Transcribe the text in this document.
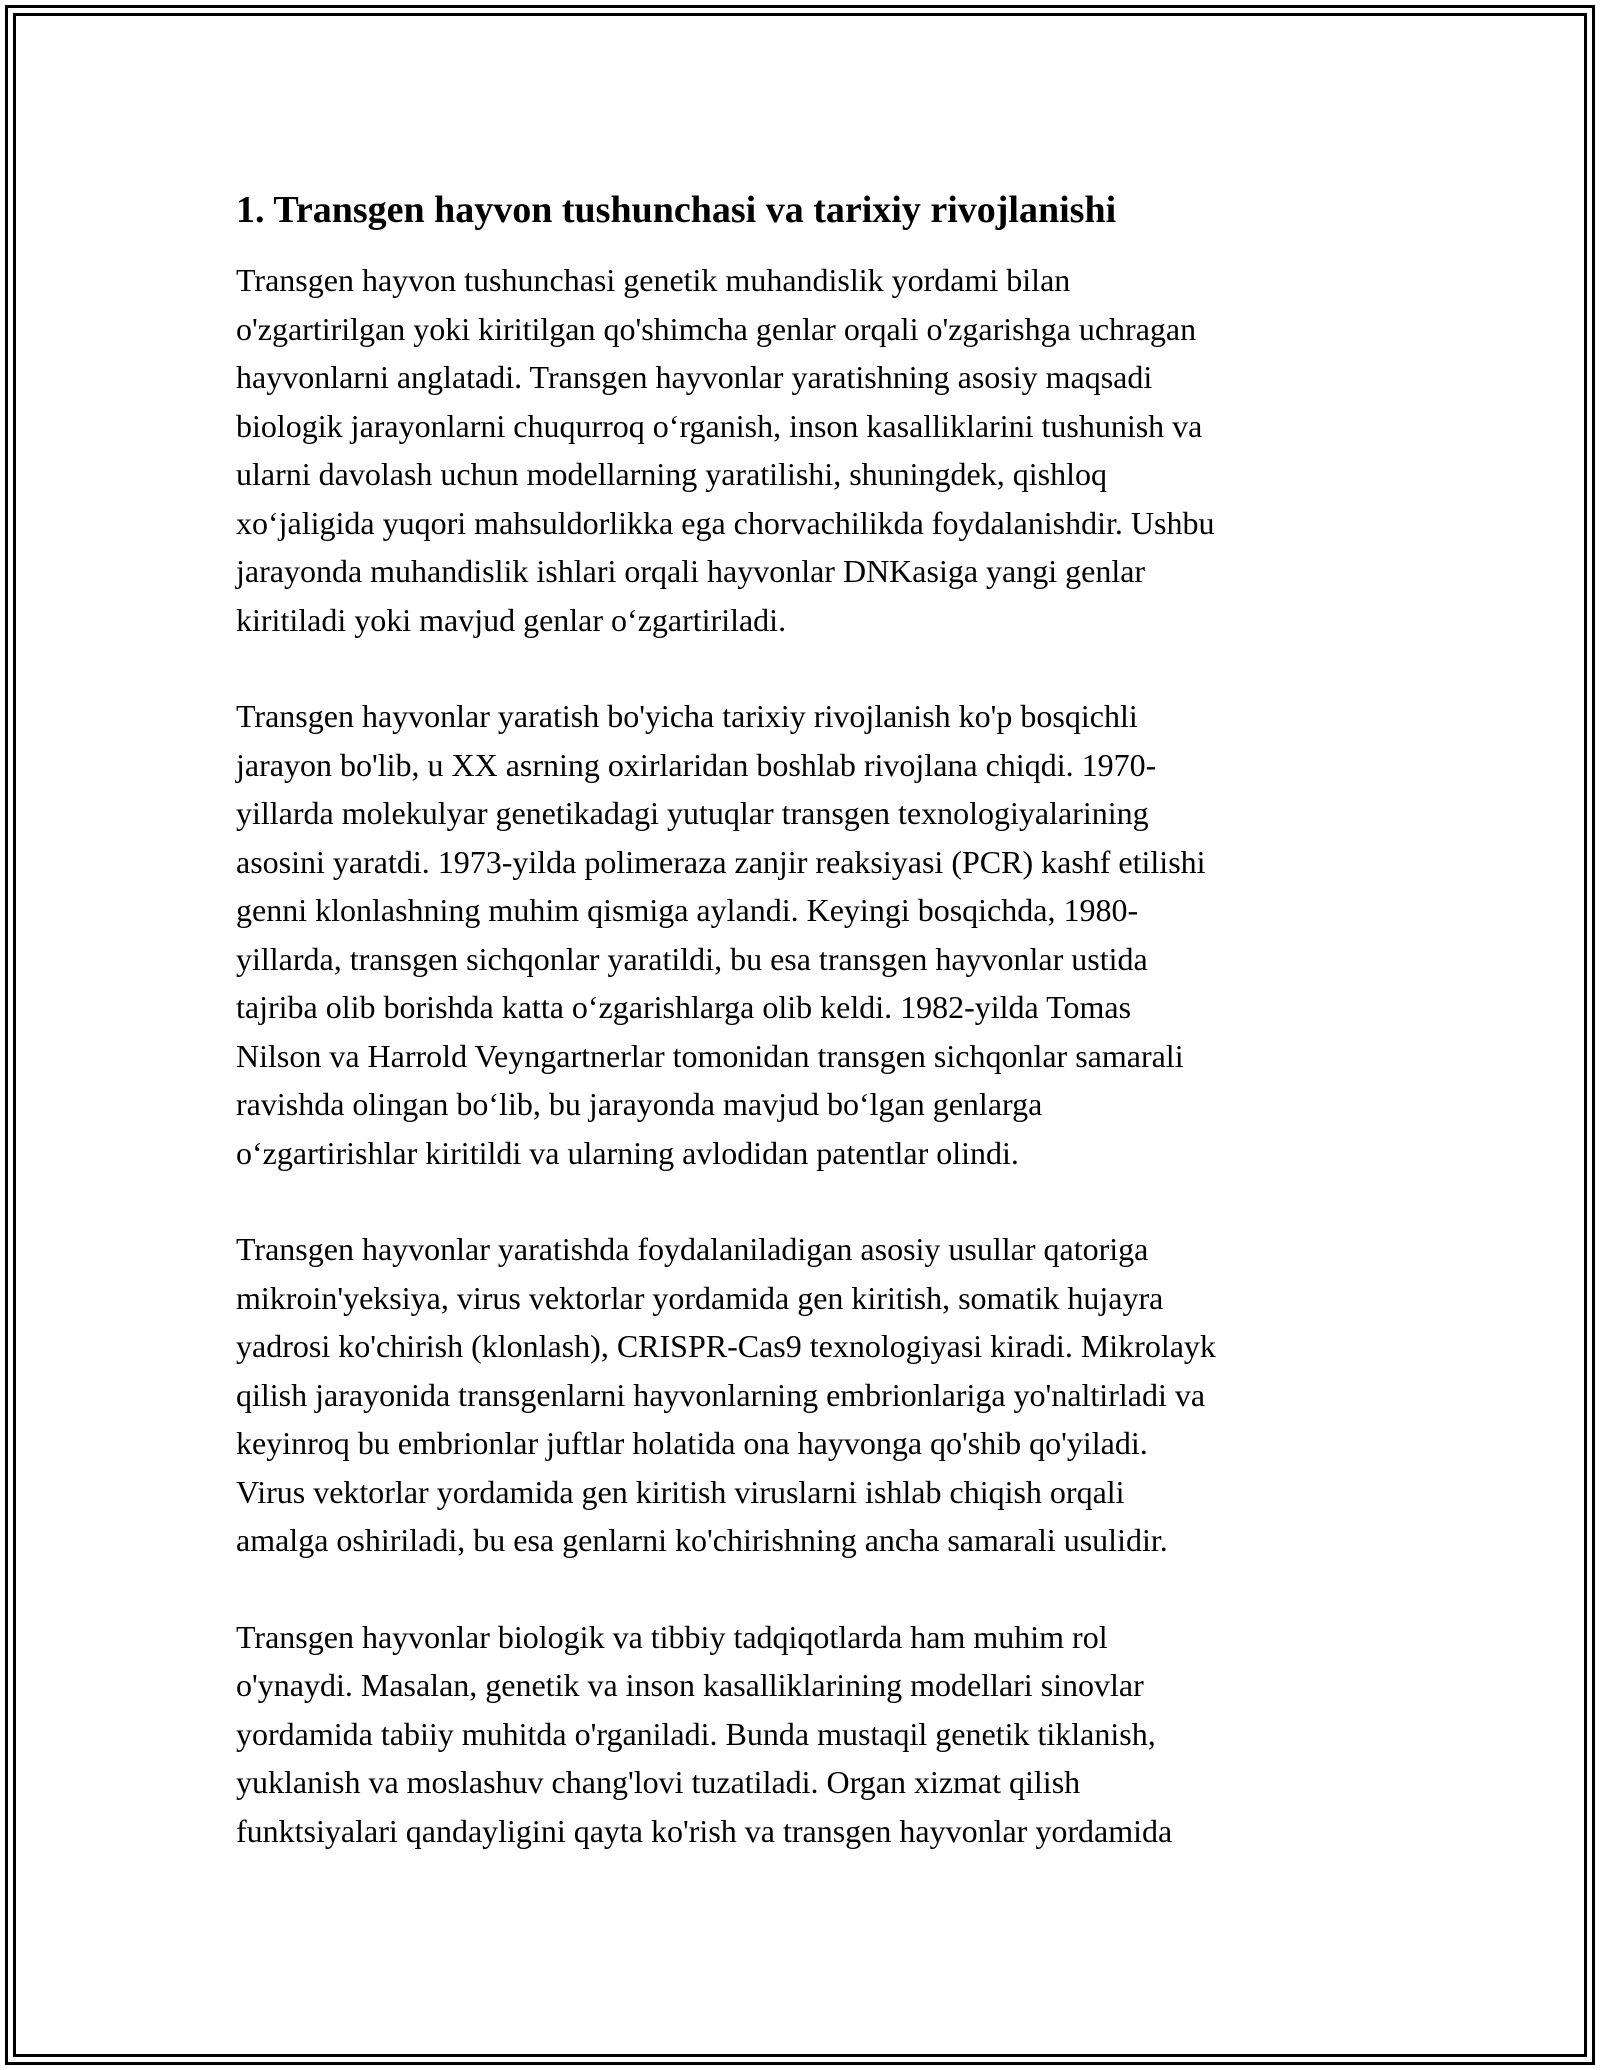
1. Transgen hayvon tushunchasi va tarixiy rivojlanishi
Transgen hayvon tushunchasi genetik muhandislik yordami bilan
o'zgartirilgan yoki kiritilgan qo'shimcha genlar orqali o'zgarishga uchragan
hayvonlarni anglatadi. Transgen hayvonlar yaratishning asosiy maqsadi
biologik jarayonlarni chuqurroq o‘rganish, inson kasalliklarini tushunish va
ularni davolash uchun modellarning yaratilishi, shuningdek, qishloq
xo‘jaligida yuqori mahsuldorlikka ega chorvachilikda foydalanishdir. Ushbu
jarayonda muhandislik ishlari orqali hayvonlar DNKasiga yangi genlar
kiritiladi yoki mavjud genlar o‘zgartiriladi.
Transgen hayvonlar yaratish bo'yicha tarixiy rivojlanish ko'p bosqichli
jarayon bo'lib, u XX asrning oxirlaridan boshlab rivojlana chiqdi. 1970-
yillarda molekulyar genetikadagi yutuqlar transgen texnologiyalarining
asosini yaratdi. 1973-yilda polimeraza zanjir reaksiyasi (PCR) kashf etilishi
genni klonlashning muhim qismiga aylandi. Keyingi bosqichda, 1980-
yillarda, transgen sichqonlar yaratildi, bu esa transgen hayvonlar ustida
tajriba olib borishda katta o‘zgarishlarga olib keldi. 1982-yilda Tomas
Nilson va Harrold Veyngartnerlar tomonidan transgen sichqonlar samarali
ravishda olingan bo‘lib, bu jarayonda mavjud bo‘lgan genlarga
o‘zgartirishlar kiritildi va ularning avlodidan patentlar olindi.
Transgen hayvonlar yaratishda foydalaniladigan asosiy usullar qatoriga
mikroin'yeksiya, virus vektorlar yordamida gen kiritish, somatik hujayra
yadrosi ko'chirish (klonlash), CRISPR-Cas9 texnologiyasi kiradi. Mikrolayk
qilish jarayonida transgenlarni hayvonlarning embrionlariga yo'naltirladi va
keyinroq bu embrionlar juftlar holatida ona hayvonga qo'shib qo'yiladi.
Virus vektorlar yordamida gen kiritish viruslarni ishlab chiqish orqali
amalga oshiriladi, bu esa genlarni ko'chirishning ancha samarali usulidir.
Transgen hayvonlar biologik va tibbiy tadqiqotlarda ham muhim rol
o'ynaydi. Masalan, genetik va inson kasalliklarining modellari sinovlar
yordamida tabiiy muhitda o'rganiladi. Bunda mustaqil genetik tiklanish,
yuklanish va moslashuv chang'lovi tuzatiladi. Organ xizmat qilish
funktsiyalari qandayligini qayta ko'rish va transgen hayvonlar yordamida
